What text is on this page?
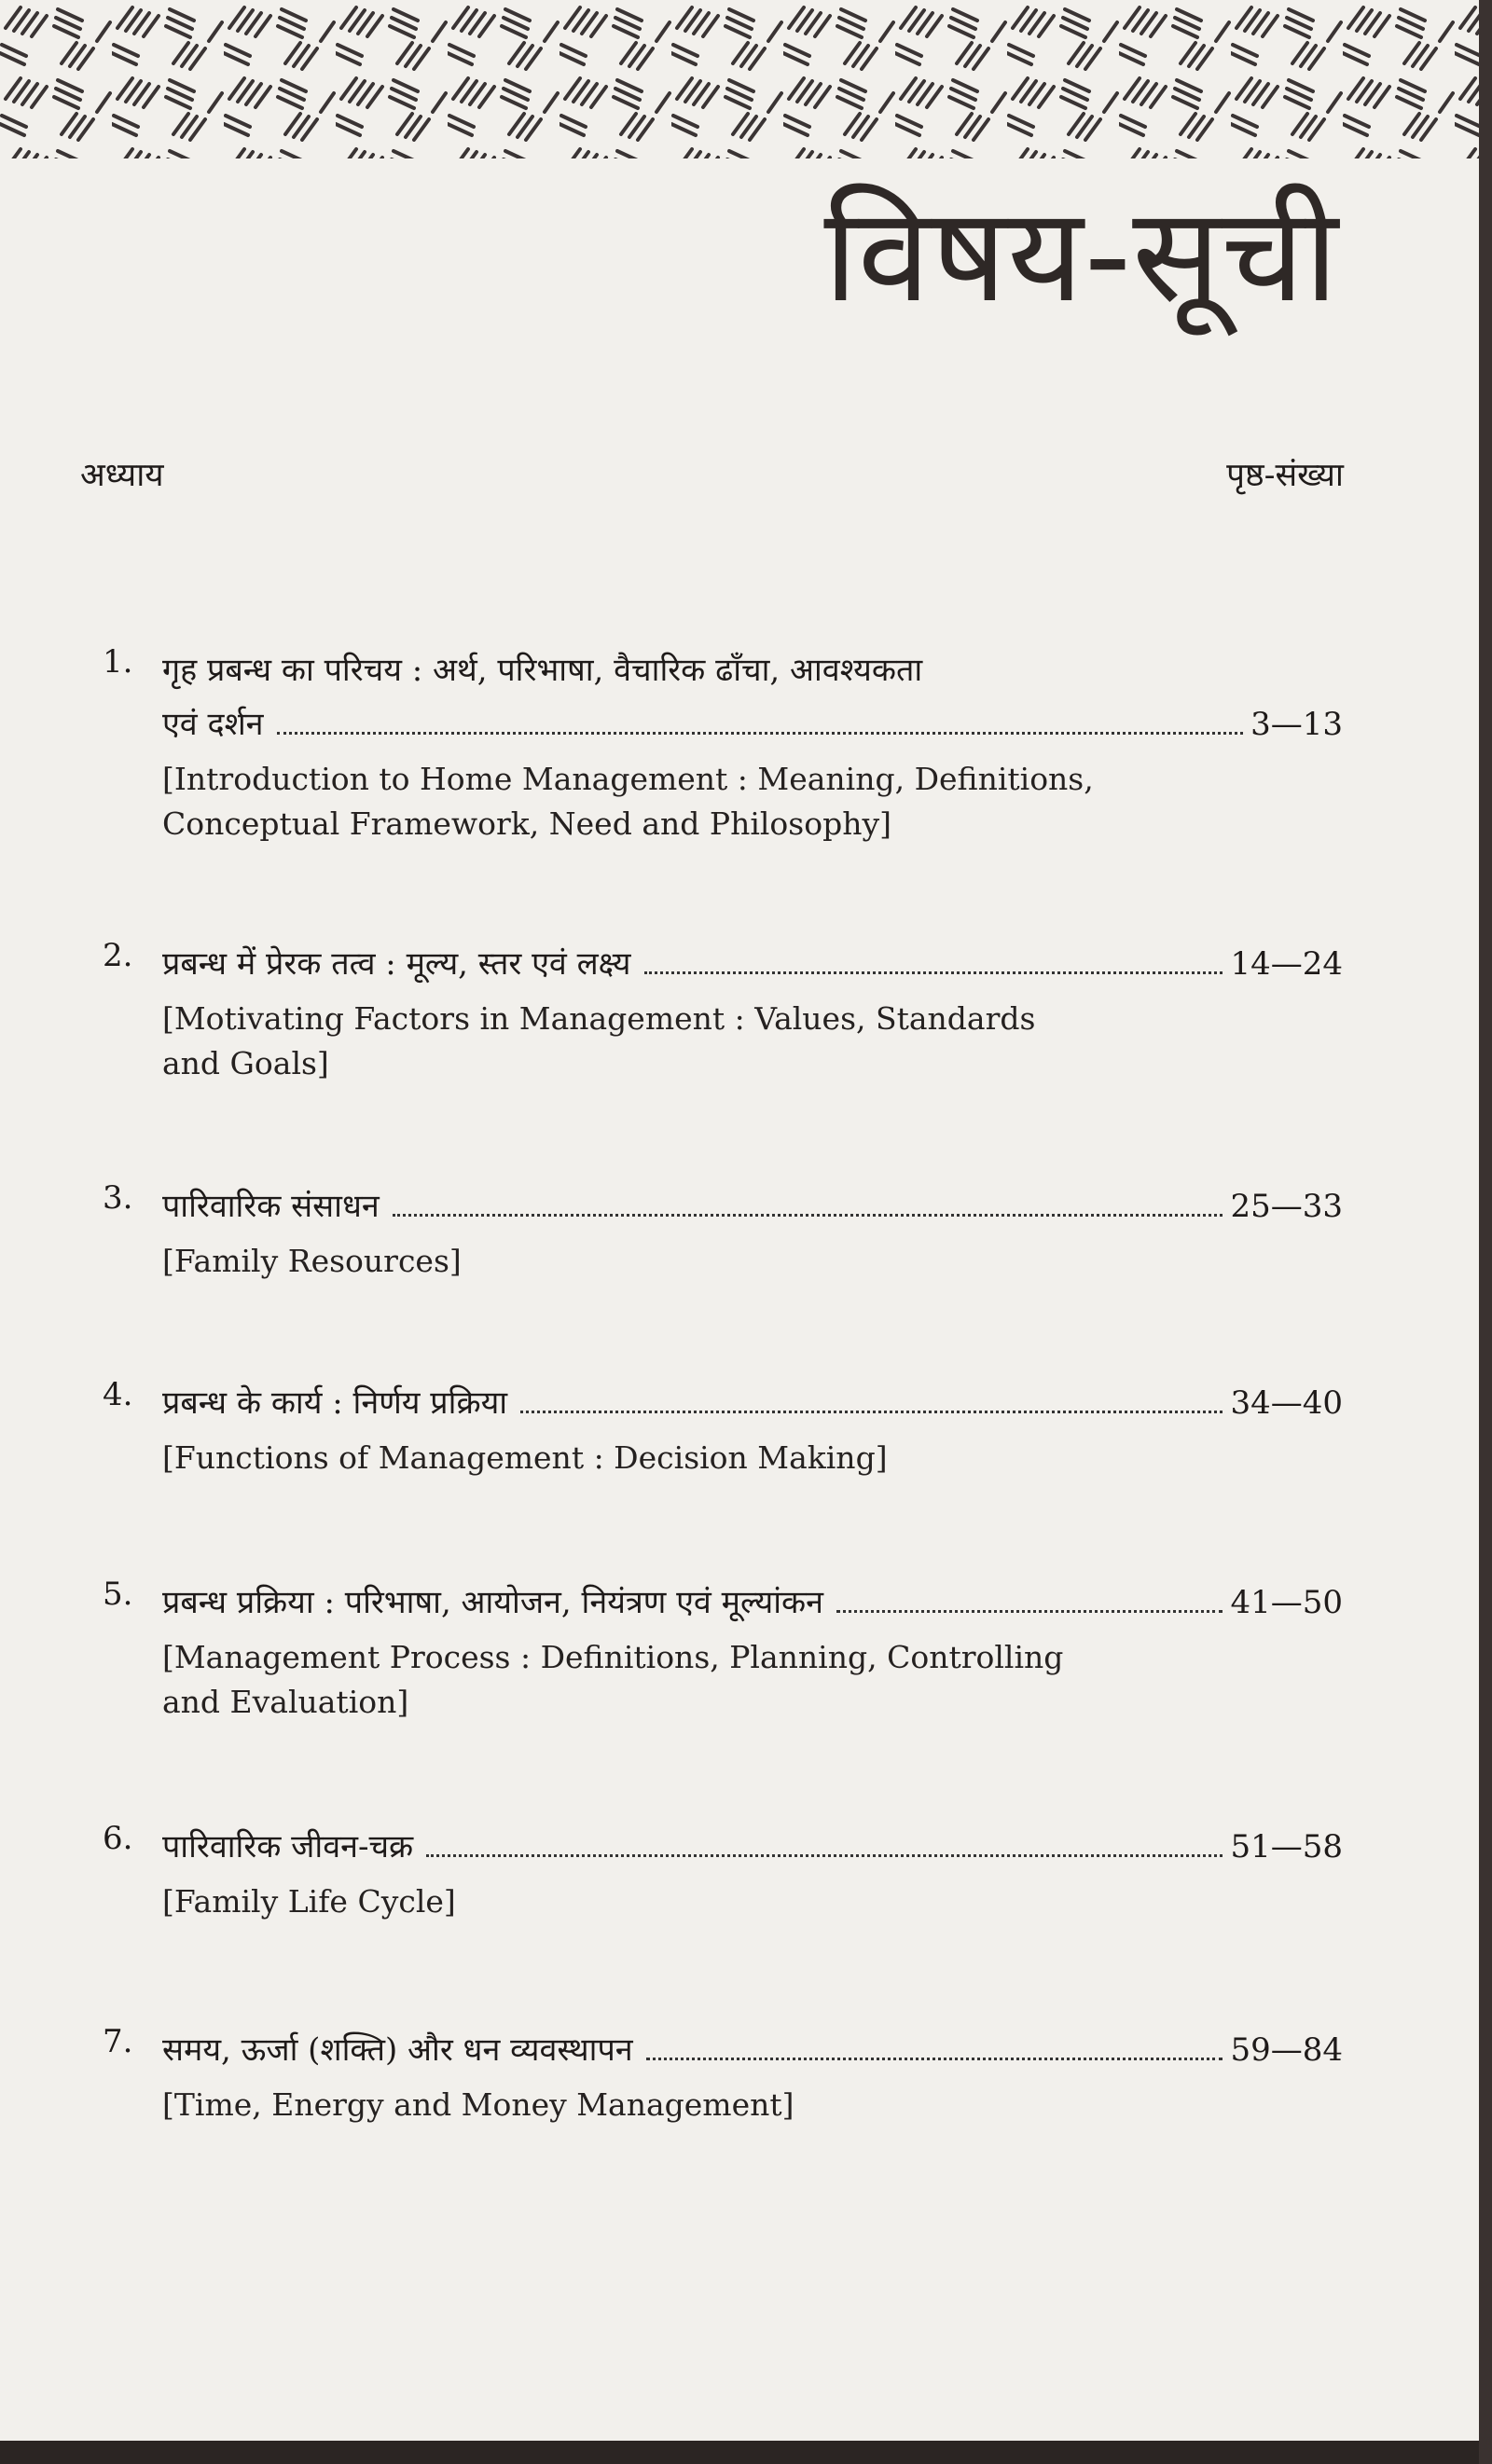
विषय-सूची
अध्याय	पृष्ठ-संख्या
1. गृह प्रबन्ध का परिचय : अर्थ, परिभाषा, वैचारिक ढाँचा, आवश्यकता
एवं दर्शन	3—13
[Introduction to Home Management : Meaning, Definitions,
Conceptual Framework, Need and Philosophy]
2. प्रबन्ध में प्रेरक तत्व : मूल्य, स्तर एवं लक्ष्य	14—24
[Motivating Factors in Management : Values, Standards
and Goals]
3. पारिवारिक संसाधन	25—33
[Family Resources]
4. प्रबन्ध के कार्य : निर्णय प्रक्रिया	34—40
[Functions of Management : Decision Making]
5. प्रबन्ध प्रक्रिया : परिभाषा, आयोजन, नियंत्रण एवं मूल्यांकन	41—50
[Management Process : Definitions, Planning, Controlling
and Evaluation]
6. पारिवारिक जीवन-चक्र	51—58
[Family Life Cycle]
7. समय, ऊर्जा (शक्ति) और धन व्यवस्थापन	59—84
[Time, Energy and Money Management]
